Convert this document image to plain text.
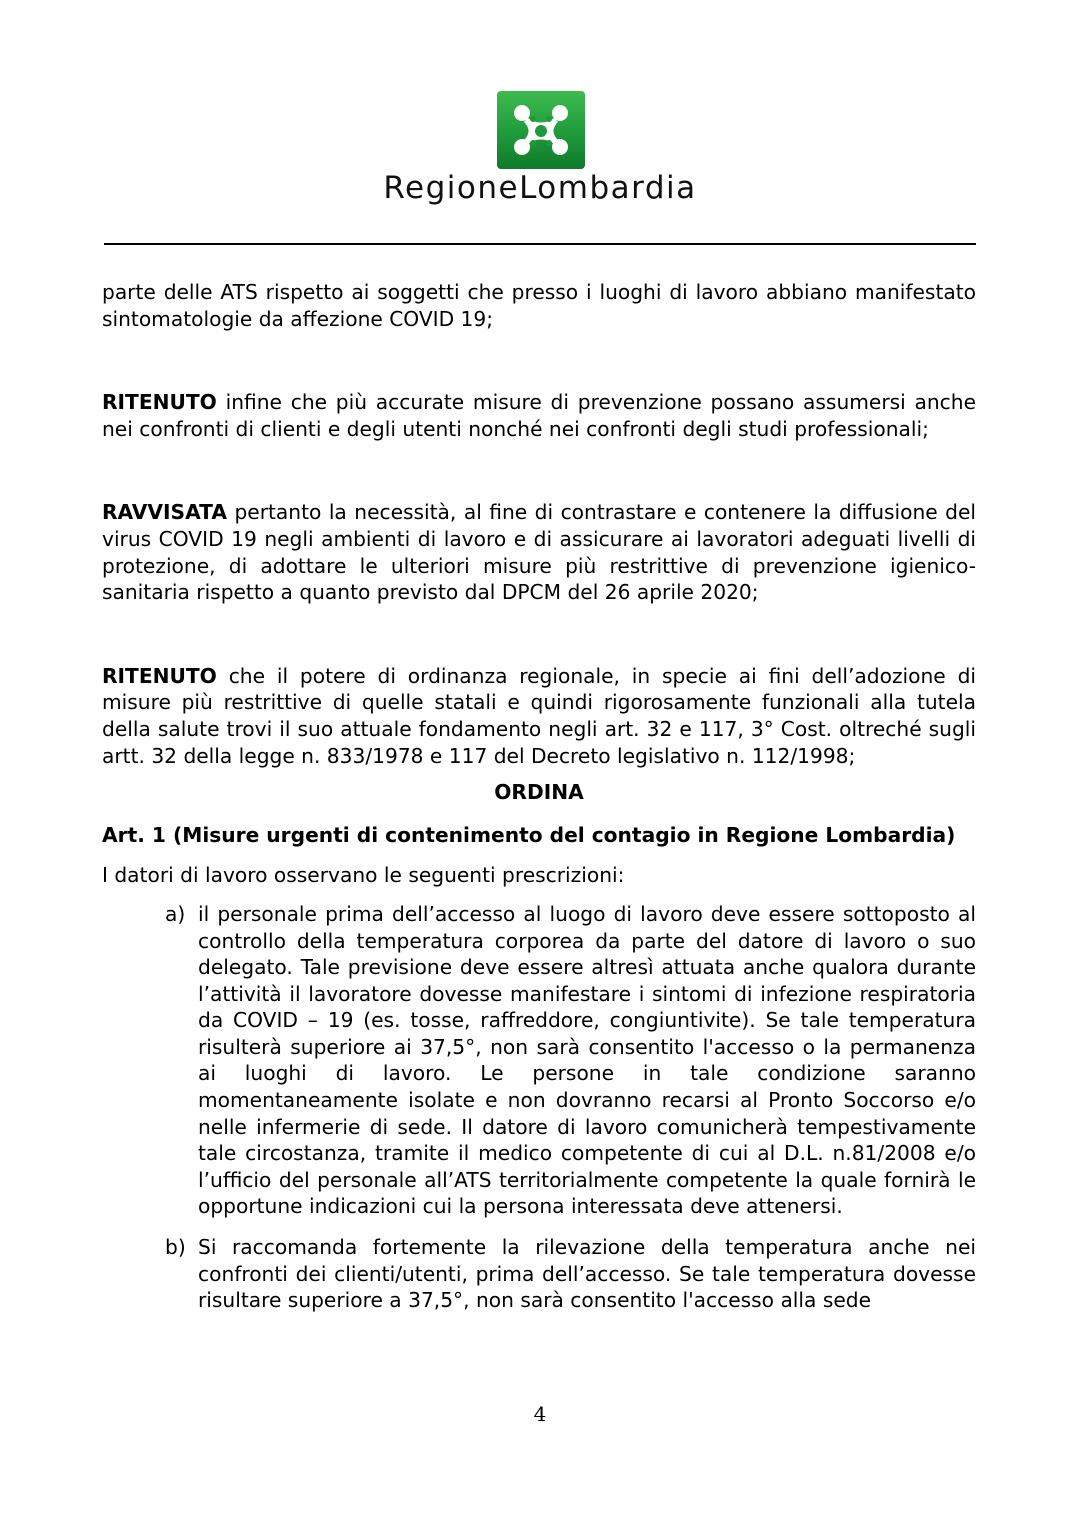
RegioneLombardia

parte delle ATS rispetto ai soggetti che presso i luoghi di lavoro abbiano manifestato sintomatologie da affezione COVID 19;

RITENUTO infine che più accurate misure di prevenzione possano assumersi anche nei confronti di clienti e degli utenti nonché nei confronti degli studi professionali;

RAVVISATA pertanto la necessità, al fine di contrastare e contenere la diffusione del virus COVID 19 negli ambienti di lavoro e di assicurare ai lavoratori adeguati livelli di protezione, di adottare le ulteriori misure più restrittive di prevenzione igienico-sanitaria rispetto a quanto previsto dal DPCM del 26 aprile 2020;

RITENUTO che il potere di ordinanza regionale, in specie ai fini dell’adozione di misure più restrittive di quelle statali e quindi rigorosamente funzionali alla tutela della salute trovi il suo attuale fondamento negli art. 32 e 117, 3° Cost. oltreché sugli artt. 32 della legge n. 833/1978 e 117 del Decreto legislativo n. 112/1998;

ORDINA

Art. 1 (Misure urgenti di contenimento del contagio in Regione Lombardia)

I datori di lavoro osservano le seguenti prescrizioni:

a) il personale prima dell’accesso al luogo di lavoro deve essere sottoposto al controllo della temperatura corporea da parte del datore di lavoro o suo delegato. Tale previsione deve essere altresì attuata anche qualora durante l’attività il lavoratore dovesse manifestare i sintomi di infezione respiratoria da COVID – 19 (es. tosse, raffreddore, congiuntivite). Se tale temperatura risulterà superiore ai 37,5°, non sarà consentito l'accesso o la permanenza ai luoghi di lavoro. Le persone in tale condizione saranno momentaneamente isolate e non dovranno recarsi al Pronto Soccorso e/o nelle infermerie di sede. Il datore di lavoro comunicherà tempestivamente tale circostanza, tramite il medico competente di cui al D.L. n.81/2008 e/o l’ufficio del personale all’ATS territorialmente competente la quale fornirà le opportune indicazioni cui la persona interessata deve attenersi.
b) Si raccomanda fortemente la rilevazione della temperatura anche nei confronti dei clienti/utenti, prima dell’accesso. Se tale temperatura dovesse risultare superiore a 37,5°, non sarà consentito l'accesso alla sede
4
